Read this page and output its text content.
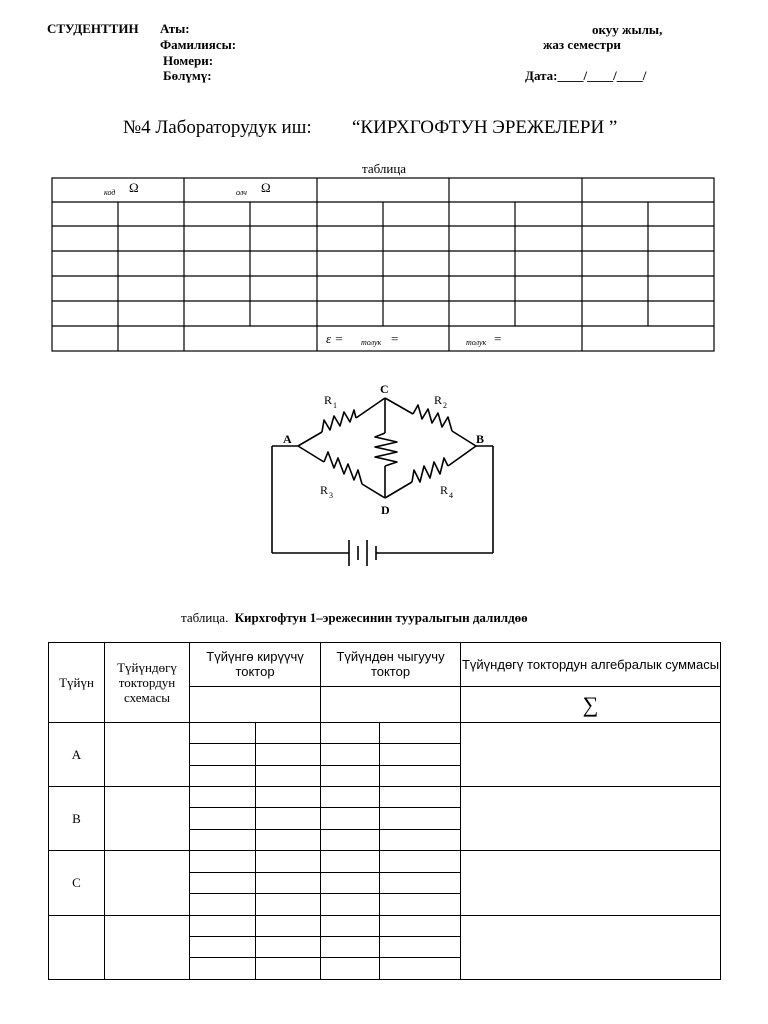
СТУДЕНТТИН Аты:
Фамилиясы:
Номери:
Бөлүмү:
окуу жылы,
жаз семестри
Дата:____/____/____/
№4 Лабораторудук иш: “КИРХГОФТУН ЭРЕЖЕЛЕРИ ”
таблица
код Ω	олч Ω
ε = толук =	толук =
A
C
B
D
R 1	R 2
R 3	R 4
таблица. Кирхгофтун 1–эрежесинин тууралыгын далилдөө
Түйүн	Түйүндөгү токтордун схемасы	Түйүнгө кирүүчү токтор		Түйүндөн чыгуучу токтор		Түйүндөгү токтордун алгебралык суммасы
						∑
A						

B						

C						
